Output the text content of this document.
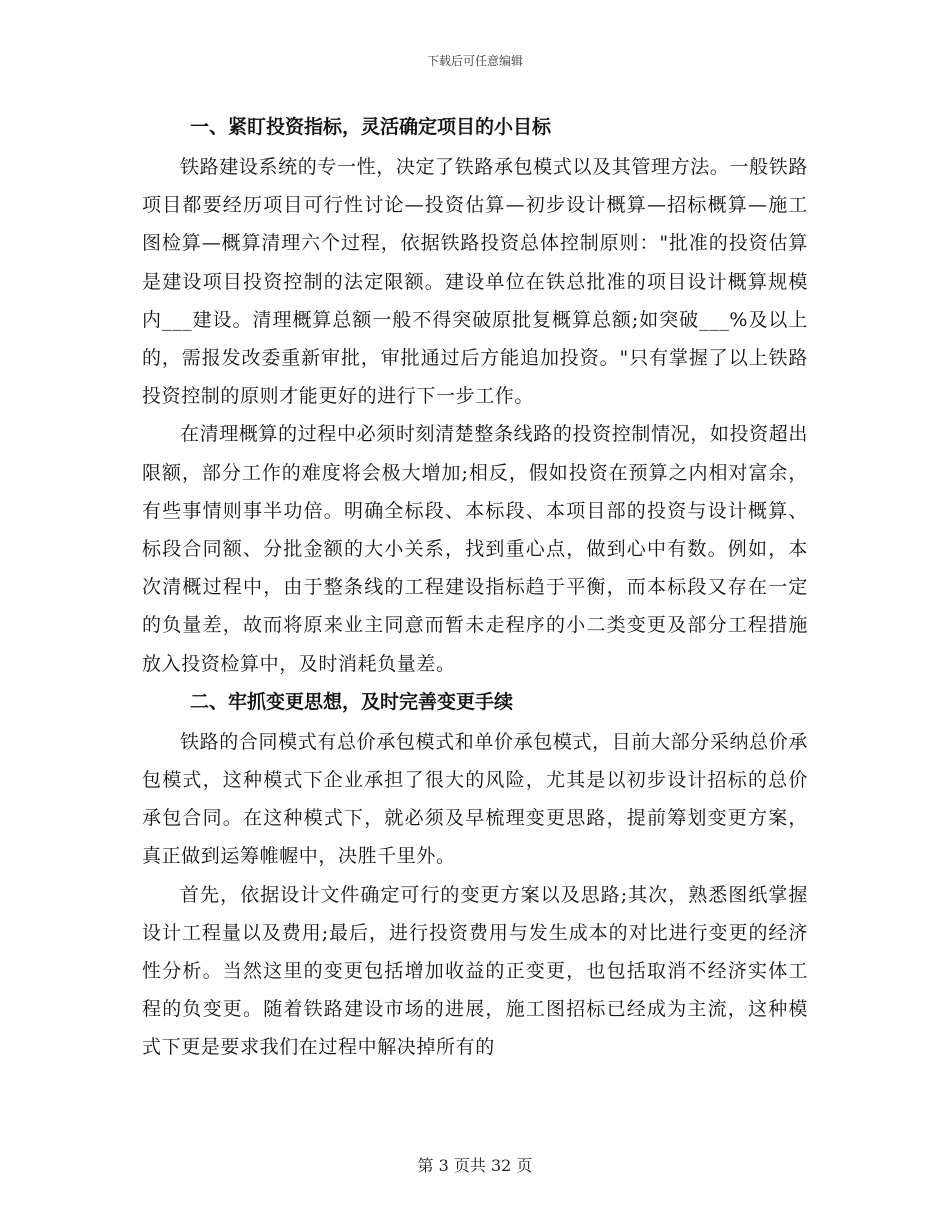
下载后可任意编辑
一、紧盯投资指标，灵活确定项目的小目标

铁路建设系统的专一性，决定了铁路承包模式以及其管理方法。一般铁路项目都要经历项目可行性讨论—投资估算—初步设计概算—招标概算—施工图检算—概算清理六个过程，依据铁路投资总体控制原则："批准的投资估算是建设项目投资控制的法定限额。建设单位在铁总批准的项目设计概算规模内___建设。清理概算总额一般不得突破原批复概算总额;如突破___%及以上的，需报发改委重新审批，审批通过后方能追加投资。"只有掌握了以上铁路投资控制的原则才能更好的进行下一步工作。

在清理概算的过程中必须时刻清楚整条线路的投资控制情况，如投资超出限额，部分工作的难度将会极大增加;相反，假如投资在预算之内相对富余，有些事情则事半功倍。明确全标段、本标段、本项目部的投资与设计概算、标段合同额、分批金额的大小关系，找到重心点，做到心中有数。例如，本次清概过程中，由于整条线的工程建设指标趋于平衡，而本标段又存在一定的负量差，故而将原来业主同意而暂未走程序的小二类变更及部分工程措施放入投资检算中，及时消耗负量差。

二、牢抓变更思想，及时完善变更手续

铁路的合同模式有总价承包模式和单价承包模式，目前大部分采纳总价承包模式，这种模式下企业承担了很大的风险，尤其是以初步设计招标的总价承包合同。在这种模式下，就必须及早梳理变更思路，提前筹划变更方案，真正做到运筹帷幄中，决胜千里外。

首先，依据设计文件确定可行的变更方案以及思路;其次，熟悉图纸掌握设计工程量以及费用;最后，进行投资费用与发生成本的对比进行变更的经济性分析。当然这里的变更包括增加收益的正变更，也包括取消不经济实体工程的负变更。随着铁路建设市场的进展，施工图招标已经成为主流，这种模式下更是要求我们在过程中解决掉所有的

第 3 页共 32 页
